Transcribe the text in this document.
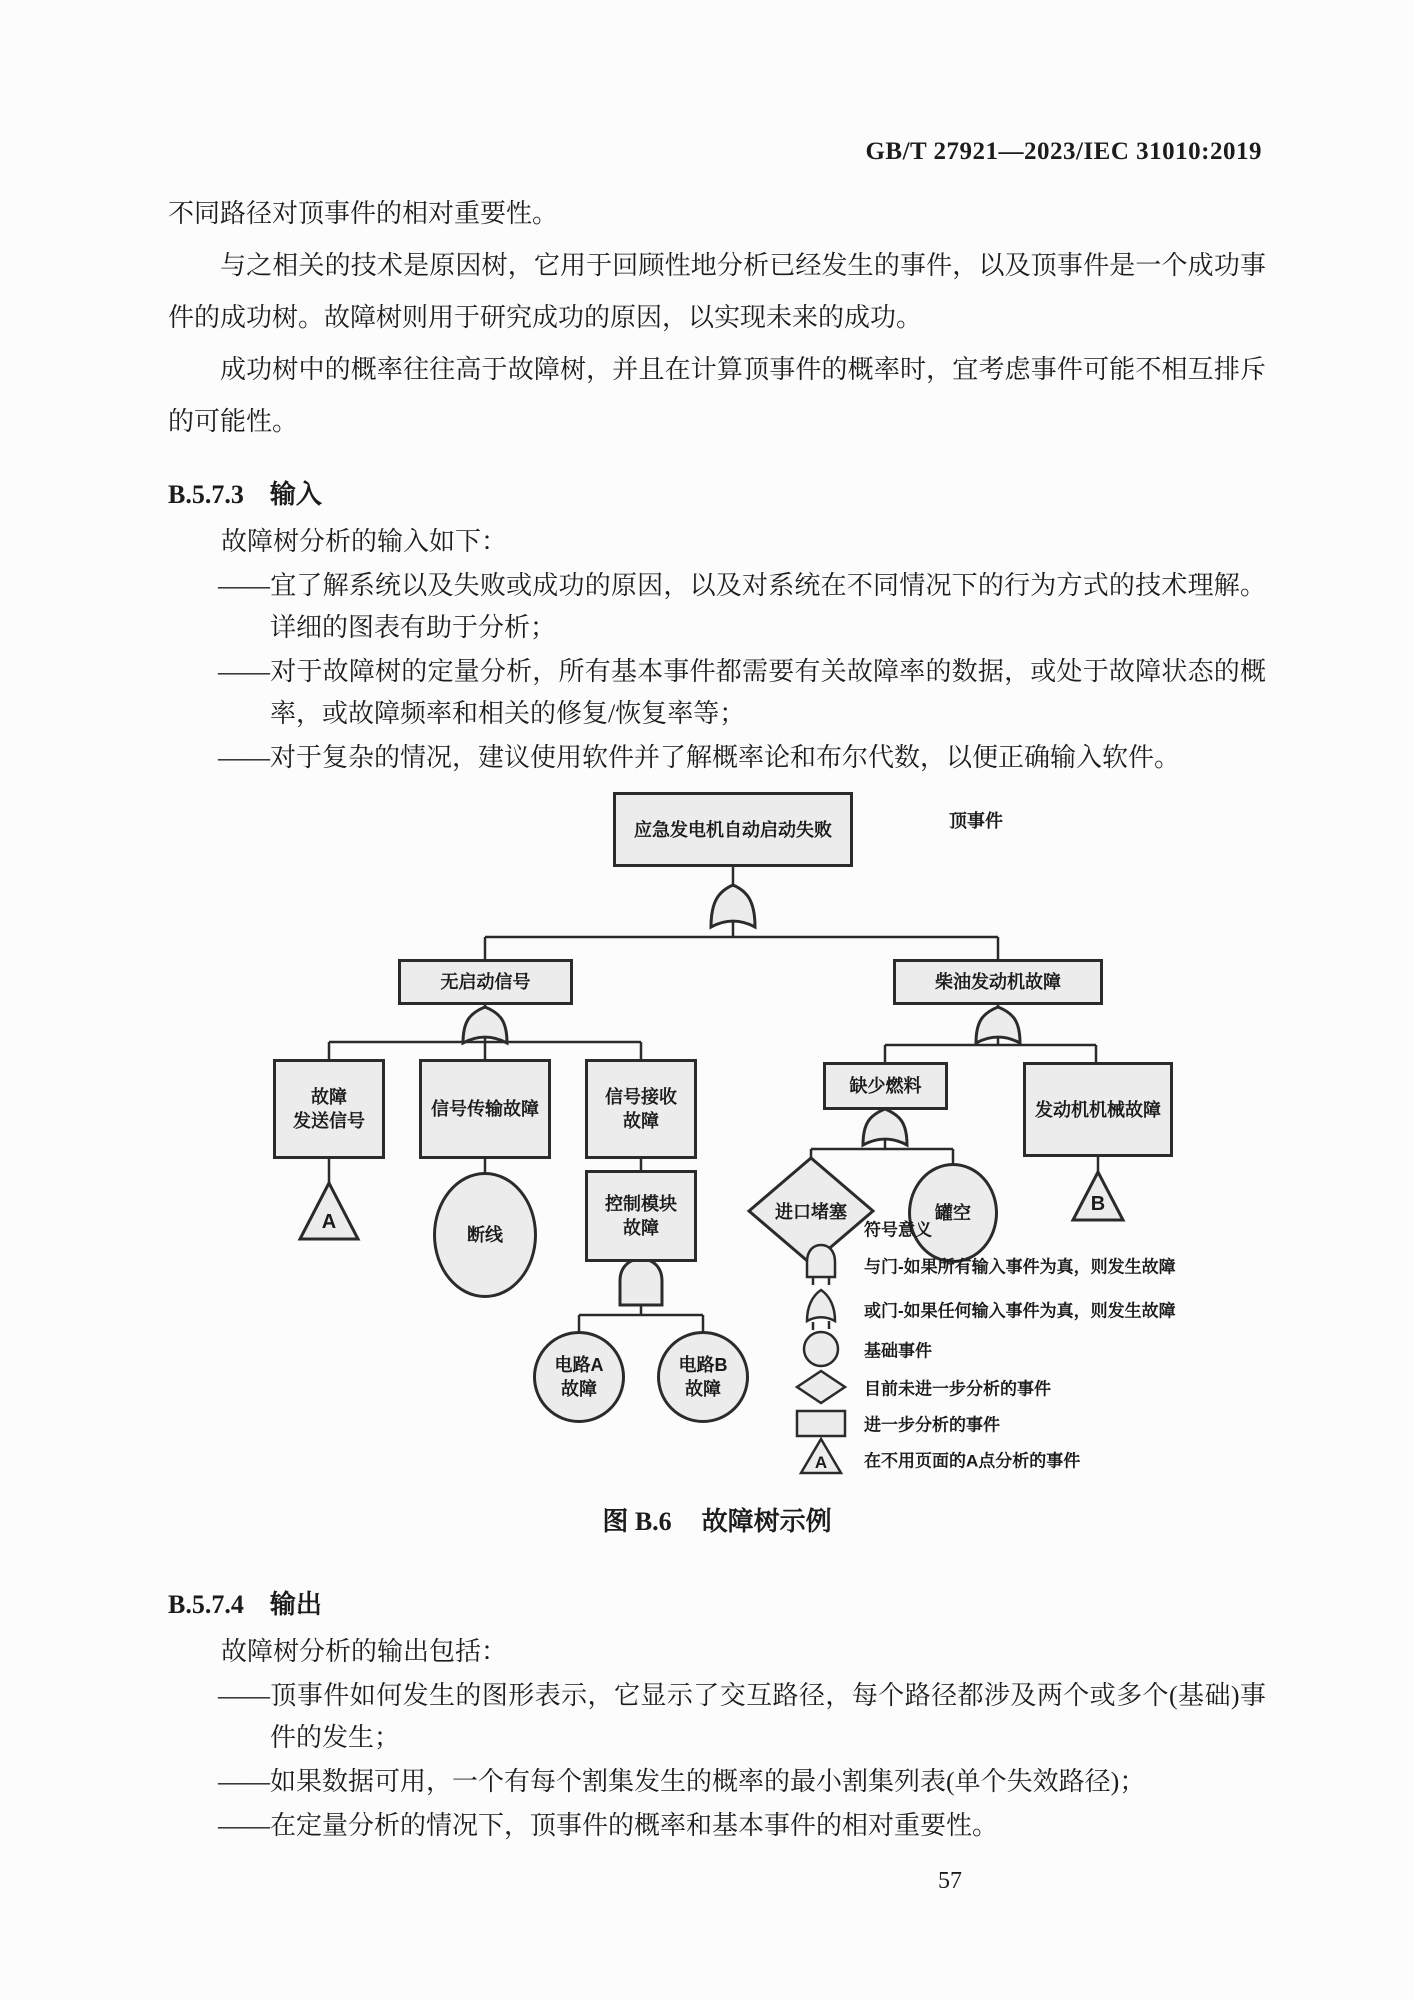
GB/T 27921—2023/IEC 31010:2019
不同路径对顶事件的相对重要性。
与之相关的技术是原因树，它用于回顾性地分析已经发生的事件，以及顶事件是一个成功事件的成功树。故障树则用于研究成功的原因，以实现未来的成功。
成功树中的概率往往高于故障树，并且在计算顶事件的概率时，宜考虑事件可能不相互排斥的可能性。
B.5.7.3 输入
故障树分析的输入如下：
——宜了解系统以及失败或成功的原因，以及对系统在不同情况下的行为方式的技术理解。详细的图表有助于分析；
——对于故障树的定量分析，所有基本事件都需要有关故障率的数据，或处于故障状态的概率，或故障频率和相关的修复/恢复率等；
——对于复杂的情况，建议使用软件并了解概率论和布尔代数，以便正确输入软件。
应急发电机自动启动失败	顶事件
无启动信号	柴油发动机故障
故障
发送信号
信号传输故障
信号接收
故障
A
断线
控制模块
故障
电路A
故障
电路B
故障
缺少燃料
发动机机械故障
进口堵塞	罐空	B
符号意义
与门-如果所有输入事件为真，则发生故障
或门-如果任何输入事件为真，则发生故障
基础事件
目前未进一步分析的事件
进一步分析的事件
在不用页面的A点分析的事件
A
图 B.6 故障树示例
B.5.7.4 输出
故障树分析的输出包括：
——顶事件如何发生的图形表示，它显示了交互路径，每个路径都涉及两个或多个(基础)事件的发生；
——如果数据可用，一个有每个割集发生的概率的最小割集列表(单个失效路径)；
——在定量分析的情况下，顶事件的概率和基本事件的相对重要性。
57
